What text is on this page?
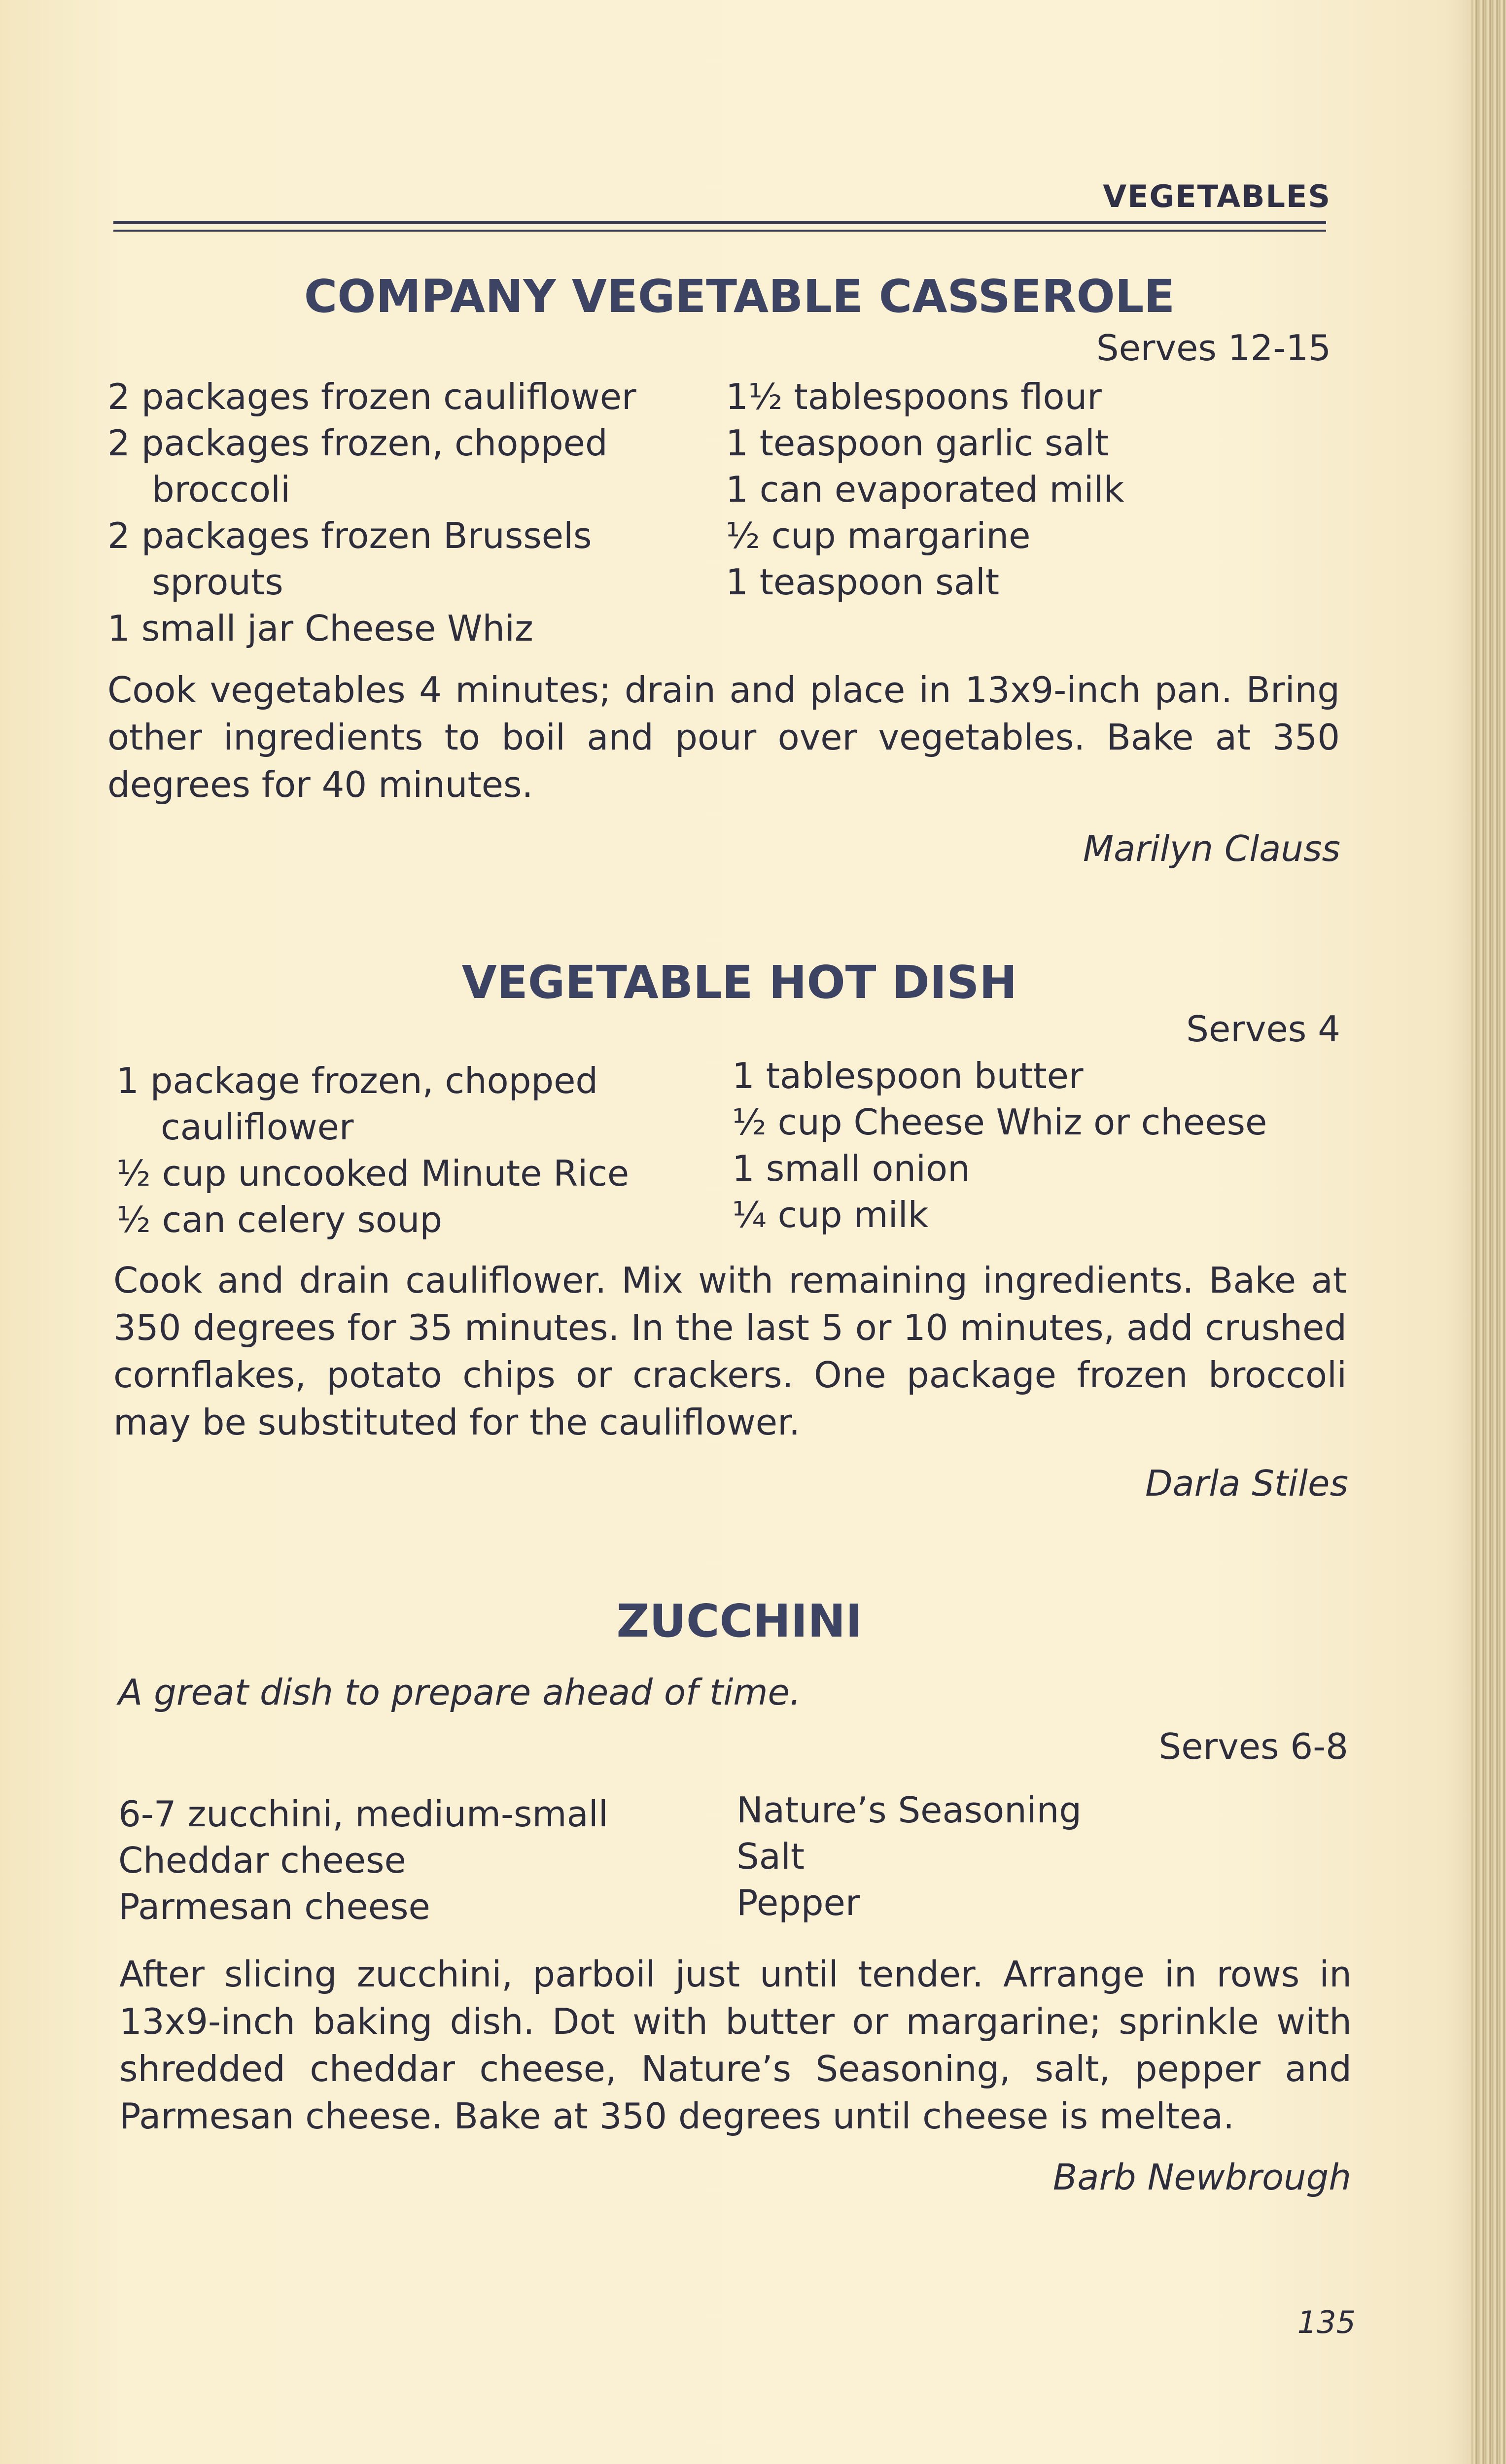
VEGETABLES
COMPANY VEGETABLE CASSEROLE
Serves 12-15
2 packages frozen cauliflower
2 packages frozen, chopped
broccoli
2 packages frozen Brussels
sprouts
1 small jar Cheese Whiz
1½ tablespoons flour
1 teaspoon garlic salt
1 can evaporated milk
½ cup margarine
1 teaspoon salt
Cook vegetables 4 minutes; drain and place in 13x9-inch pan. Bring other ingredients to boil and pour over vegetables. Bake at 350 degrees for 40 minutes.
Marilyn Clauss
VEGETABLE HOT DISH
Serves 4
1 package frozen, chopped
cauliflower
½ cup uncooked Minute Rice
½ can celery soup
1 tablespoon butter
½ cup Cheese Whiz or cheese
1 small onion
¼ cup milk
Cook and drain cauliflower. Mix with remaining ingredients. Bake at 350 degrees for 35 minutes. In the last 5 or 10 minutes, add crushed cornflakes, potato chips or crackers. One package frozen broccoli may be substituted for the cauliflower.
Darla Stiles
ZUCCHINI
A great dish to prepare ahead of time.
Serves 6-8
6-7 zucchini, medium-small
Cheddar cheese
Parmesan cheese
Nature’s Seasoning
Salt
Pepper
After slicing zucchini, parboil just until tender. Arrange in rows in 13x9-inch baking dish. Dot with butter or margarine; sprinkle with shredded cheddar cheese, Nature’s Seasoning, salt, pepper and Parmesan cheese. Bake at 350 degrees until cheese is meltea.
Barb Newbrough
135
